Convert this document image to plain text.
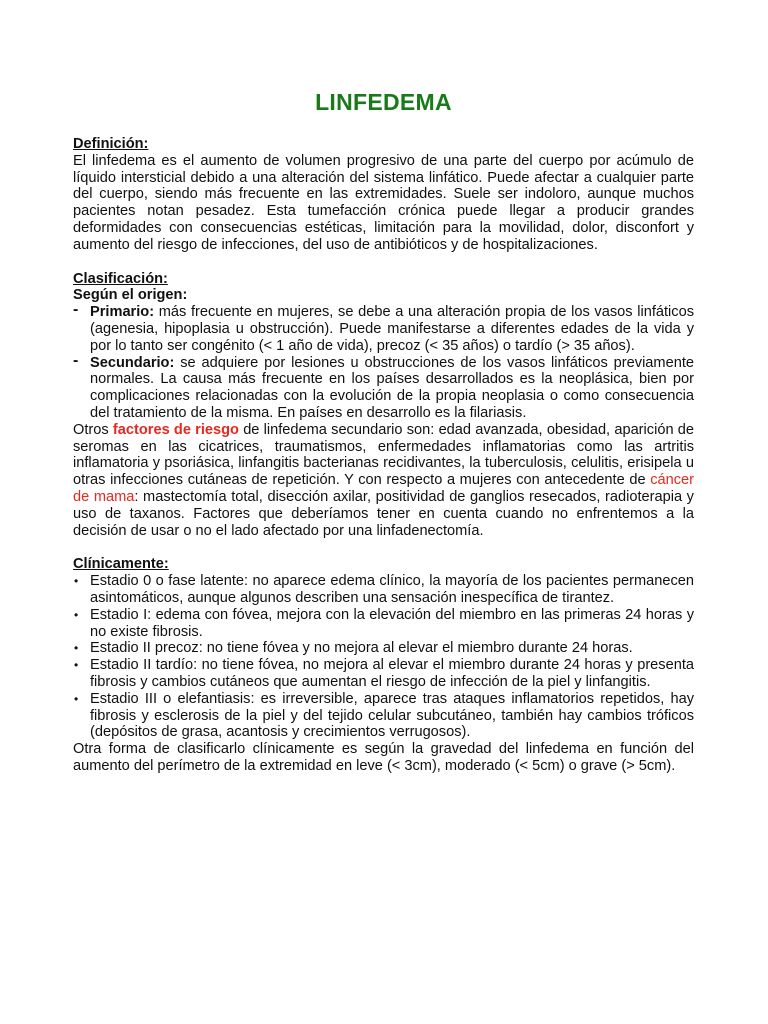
LINFEDEMA
Definición:

El linfedema es el aumento de volumen progresivo de una parte del cuerpo por acúmulo de líquido intersticial debido a una alteración del sistema linfático. Puede afectar a cualquier parte del cuerpo, siendo más frecuente en las extremidades. Suele ser indoloro, aunque muchos pacientes notan pesadez. Esta tumefacción crónica puede llegar a producir grandes deformidades con consecuencias estéticas, limitación para la movilidad, dolor, disconfort y aumento del riesgo de infecciones, del uso de antibióticos y de hospitalizaciones.

Clasificación:
Según el origen:
- Primario: más frecuente en mujeres, se debe a una alteración propia de los vasos linfáticos (agenesia, hipoplasia u obstrucción). Puede manifestarse a diferentes edades de la vida y por lo tanto ser congénito (< 1 año de vida), precoz (< 35 años) o tardío (> 35 años).
- Secundario: se adquiere por lesiones u obstrucciones de los vasos linfáticos previamente normales. La causa más frecuente en los países desarrollados es la neoplásica, bien por complicaciones relacionadas con la evolución de la propia neoplasia o como consecuencia del tratamiento de la misma. En países en desarrollo es la filariasis.

Otros factores de riesgo de linfedema secundario son: edad avanzada, obesidad, aparición de seromas en las cicatrices, traumatismos, enfermedades inflamatorias como las artritis inflamatoria y psoriásica, linfangitis bacterianas recidivantes, la tuberculosis, celulitis, erisipela u otras infecciones cutáneas de repetición. Y con respecto a mujeres con antecedente de cáncer de mama: mastectomía total, disección axilar, positividad de ganglios resecados, radioterapia y uso de taxanos. Factores que deberíamos tener en cuenta cuando no enfrentemos a la decisión de usar o no el lado afectado por una linfadenectomía.

Clínicamente:
• Estadio 0 o fase latente: no aparece edema clínico, la mayoría de los pacientes permanecen asintomáticos, aunque algunos describen una sensación inespecífica de tirantez.
• Estadio I: edema con fóvea, mejora con la elevación del miembro en las primeras 24 horas y no existe fibrosis.
• Estadio II precoz: no tiene fóvea y no mejora al elevar el miembro durante 24 horas.
• Estadio II tardío: no tiene fóvea, no mejora al elevar el miembro durante 24 horas y presenta fibrosis y cambios cutáneos que aumentan el riesgo de infección de la piel y linfangitis.
• Estadio III o elefantiasis: es irreversible, aparece tras ataques inflamatorios repetidos, hay fibrosis y esclerosis de la piel y del tejido celular subcutáneo, también hay cambios tróficos (depósitos de grasa, acantosis y crecimientos verrugosos).

Otra forma de clasificarlo clínicamente es según la gravedad del linfedema en función del aumento del perímetro de la extremidad en leve (< 3cm), moderado (< 5cm) o grave (> 5cm).
